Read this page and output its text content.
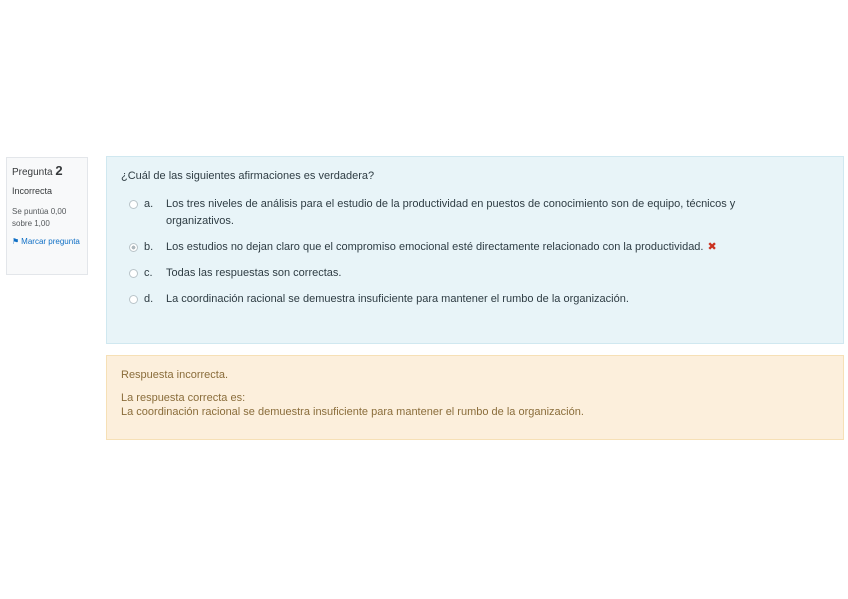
Pregunta 2
Incorrecta
Se puntúa 0,00 sobre 1,00
⚑ Marcar pregunta
¿Cuál de las siguientes afirmaciones es verdadera?
a.	Los tres niveles de análisis para el estudio de la productividad en puestos de conocimiento son de equipo, técnicos y organizativos.
b.	Los estudios no dejan claro que el compromiso emocional esté directamente relacionado con la productividad. ✖
c.	Todas las respuestas son correctas.
d.	La coordinación racional se demuestra insuficiente para mantener el rumbo de la organización.
Respuesta incorrecta.
La respuesta correcta es:
La coordinación racional se demuestra insuficiente para mantener el rumbo de la organización.
